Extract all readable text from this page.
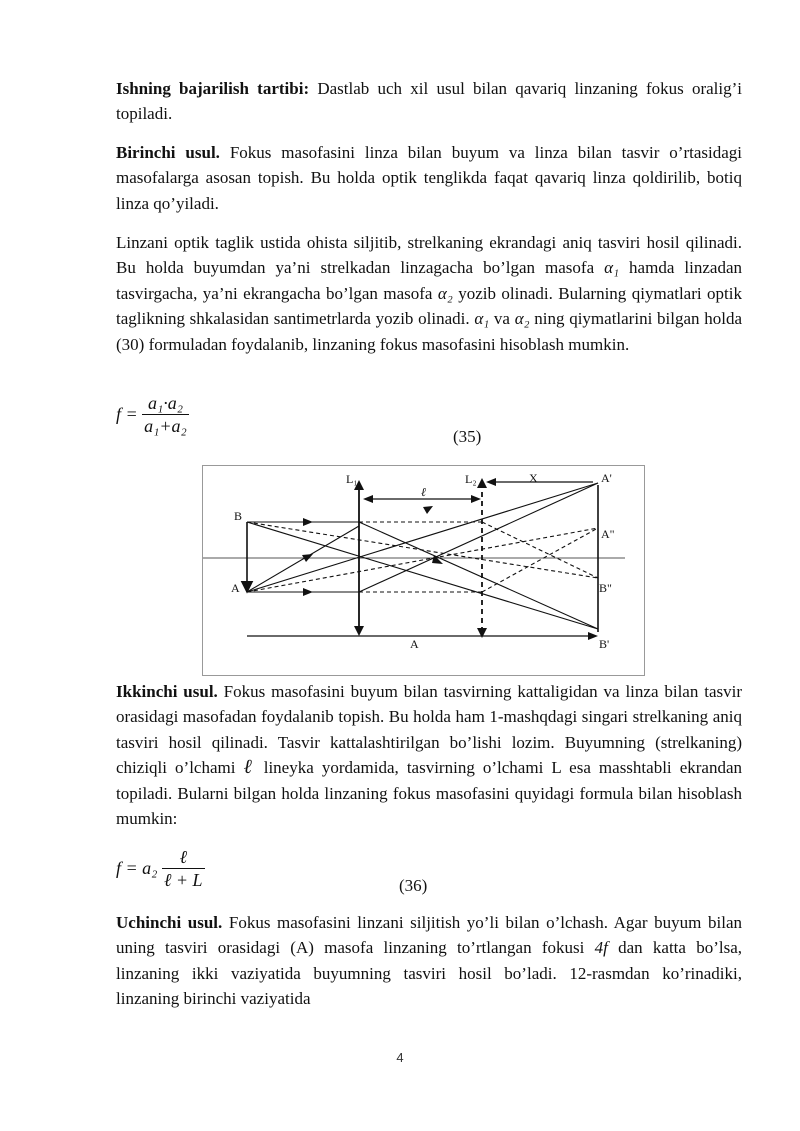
Ishning bajarilish tartibi: Dastlab uch xil usul bilan qavariq linzaning fokus oralig’i topiladi.

Birinchi usul. Fokus masofasini linza bilan buyum va linza bilan tasvir o’rtasidagi masofalarga asosan topish. Bu holda optik tenglikda faqat qavariq linza qoldirilib, botiq linza qo’yiladi.

Linzani optik taglik ustida ohista siljitib, strelkaning ekrandagi aniq tasviri hosil qilinadi. Bu holda buyumdan ya’ni strelkadan linzagacha bo’lgan masofa α₁ hamda linzadan tasvirgacha, ya’ni ekrangacha bo’lgan masofa α₂ yozib olinadi. Bularning qiymatlari optik taglikning shkalasidan santimetrlarda yozib olinadi. α₁ va α₂ ning qiymatlarini bilgan holda (30) formuladan foydalanib, linzaning fokus masofasini hisoblash mumkin.

$f = \frac{\text{a₁·a₂}}{\text{a₁+a₂}}$	(35)
L₁	L₂
ℓ
X	A'
A"
B
A	B"
B'
A

Ikkinchi usul. Fokus masofasini buyum bilan tasvirning kattaligidan va linza bilan tasvir orasidagi masofadan foydalanib topish. Bu holda ham 1-mashqdagi singari strelkaning aniq tasviri hosil qilinadi. Tasvir kattalashtirilgan bo’lishi lozim. Buyumning (strelkaning) chiziqli o’lchami ℓ lineyka yordamida, tasvirning o’lchami L esa masshtabli ekrandan topiladi. Bularni bilgan holda linzaning fokus masofasini quyidagi formula bilan hisoblash mumkin:

$f = a_2 \frac{\text{ℓ}}{\text{ℓ + L}}$	(36)

Uchinchi usul. Fokus masofasini linzani siljitish yo’li bilan o’lchash. Agar buyum bilan uning tasviri orasidagi (A) masofa linzaning to’rtlangan fokusi 4f dan katta bo’lsa, linzaning ikki vaziyatida buyumning tasviri hosil bo’ladi. 12-rasmdan ko’rinadiki, linzaning birinchi vaziyatida

4
